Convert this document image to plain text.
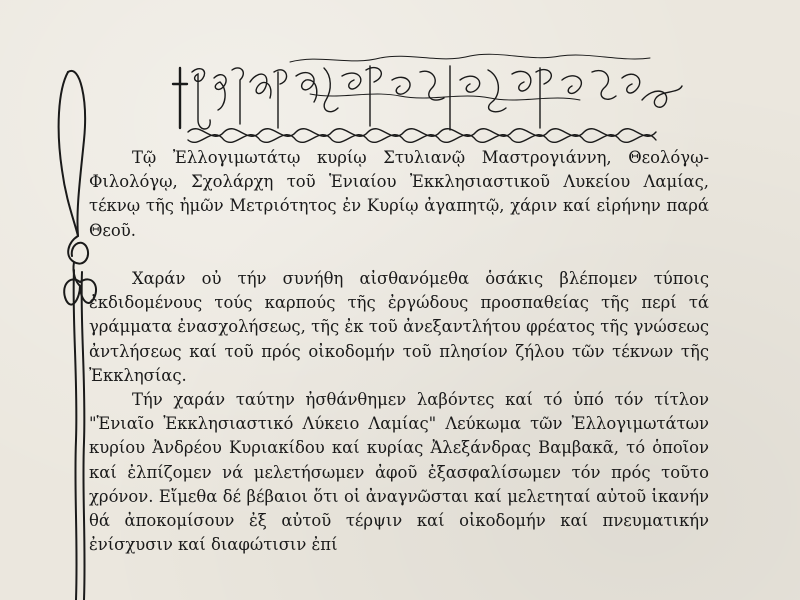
Τῷ Ἐλλογιμωτάτῳ κυρίῳ Στυλιανῷ Μαστρογιάννη, Θεολόγῳ-Φιλολόγῳ, Σχολάρχη τοῦ Ἑνιαίου Ἐκκλησιαστικοῦ Λυκείου Λαμίας, τέκνῳ τῆς ἡμῶν Μετριότητος ἐν Κυρίῳ ἀγαπητῷ, χάριν καί εἰρήνην παρά Θεοῦ.

Χαράν οὐ τήν συνήθη αἰσθανόμεθα ὁσάκις βλέπομεν τύποις ἐκδιδομένους τούς καρπούς τῆς ἐργώδους προσπαθείας τῆς περί τά γράμματα ἐνασχολήσεως, τῆς ἐκ τοῦ ἀνεξαντλήτου φρέατος τῆς γνώσεως ἀντλήσεως καί τοῦ πρός οἰκοδομήν τοῦ πλησίον ζήλου τῶν τέκνων τῆς Ἐκκλησίας.

Τήν χαράν ταύτην ἠσθάνθημεν λαβόντες καί τό ὑπό τόν τίτλον "Ἑνιαῖο Ἐκκλησιαστικό Λύκειο Λαμίας" Λεύκωμα τῶν Ἐλλογιμωτάτων κυρίου Ἀνδρέου Κυριακίδου καί κυρίας Ἀλεξάνδρας Βαμβακᾶ, τό ὁποῖον καί ἐλπίζομεν νά μελετήσωμεν ἀφοῦ ἐξασφαλίσωμεν τόν πρός τοῦτο χρόνον. Εἴμεθα δέ βέβαιοι ὅτι οἱ ἀναγνῶσται καί μελετηταί αὐτοῦ ἱκανήν θά ἀποκομίσουν ἐξ αὐτοῦ τέρψιν καί οἰκοδομήν καί πνευματικήν ἐνίσχυσιν καί διαφώτισιν ἐπί
